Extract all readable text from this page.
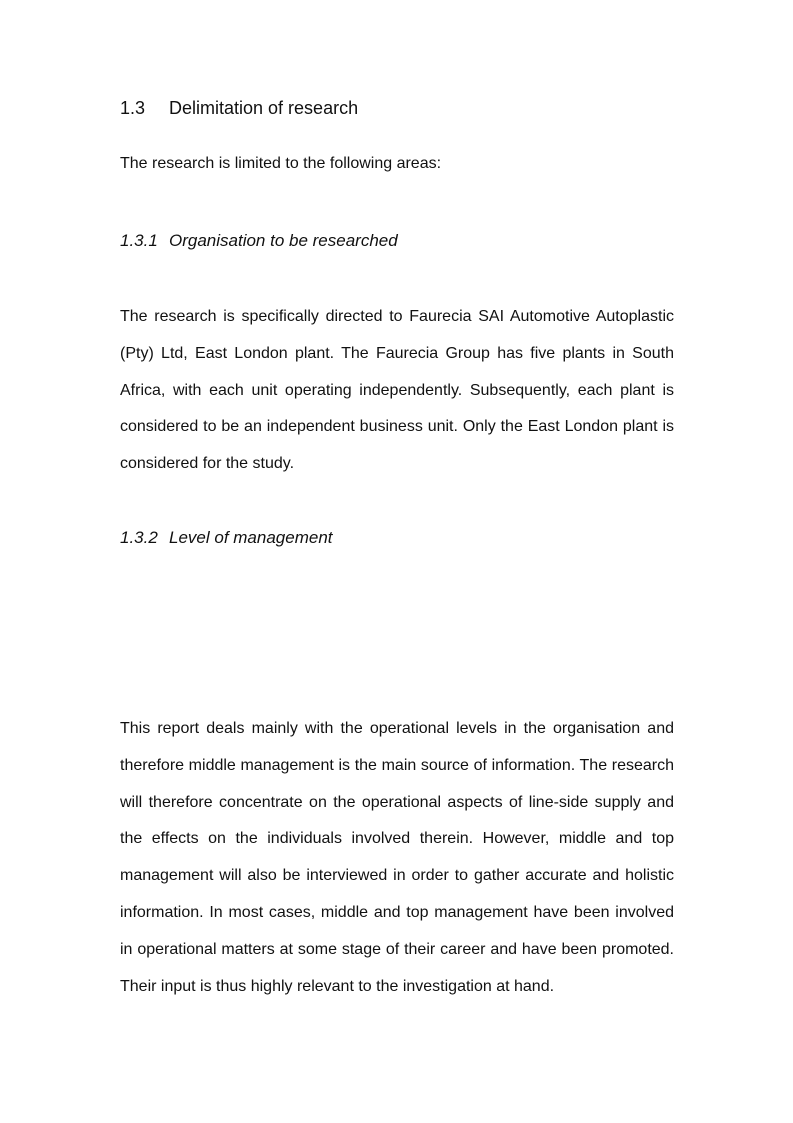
1.3 Delimitation of research

The research is limited to the following areas:

1.3.1 Organisation to be researched

The research is specifically directed to Faurecia SAI Automotive Autoplastic (Pty) Ltd, East London plant. The Faurecia Group has five plants in South Africa, with each unit operating independently. Subsequently, each plant is considered to be an independent business unit. Only the East London plant is considered for the study.

1.3.2 Level of management

This report deals mainly with the operational levels in the organisation and therefore middle management is the main source of information. The research will therefore concentrate on the operational aspects of line-side supply and the effects on the individuals involved therein. However, middle and top management will also be interviewed in order to gather accurate and holistic information. In most cases, middle and top management have been involved in operational matters at some stage of their career and have been promoted. Their input is thus highly relevant to the investigation at hand.
